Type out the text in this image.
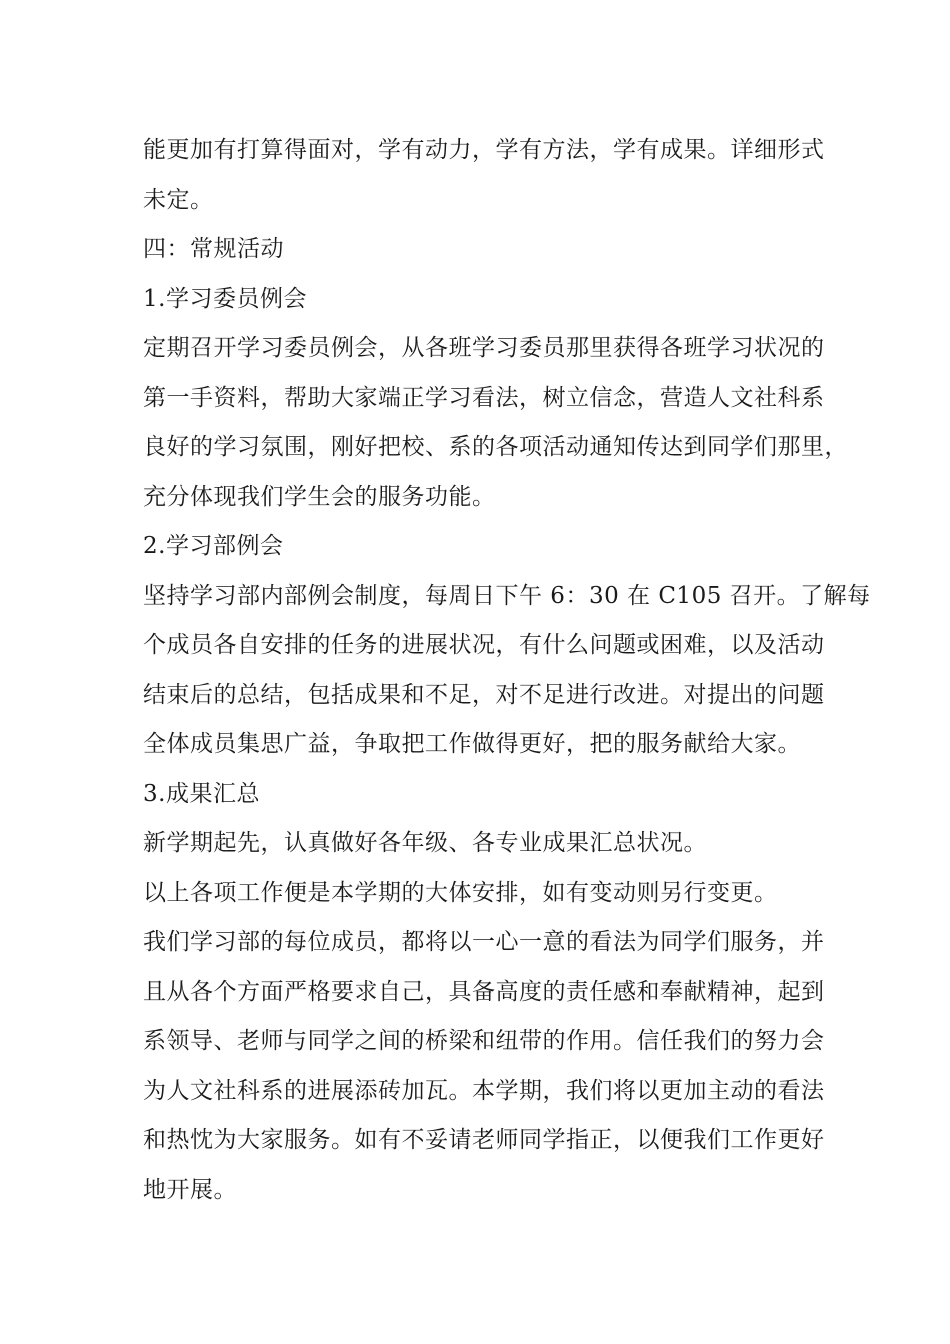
能更加有打算得面对，学有动力，学有方法，学有成果。详细形式
未定。
四：常规活动
1.学习委员例会
定期召开学习委员例会，从各班学习委员那里获得各班学习状况的
第一手资料，帮助大家端正学习看法，树立信念，营造人文社科系
良好的学习氛围，刚好把校、系的各项活动通知传达到同学们那里，
充分体现我们学生会的服务功能。
2.学习部例会
坚持学习部内部例会制度，每周日下午 6：30 在 C105 召开。了解每
个成员各自安排的任务的进展状况，有什么问题或困难，以及活动
结束后的总结，包括成果和不足，对不足进行改进。对提出的问题
全体成员集思广益，争取把工作做得更好，把的服务献给大家。
3.成果汇总
新学期起先，认真做好各年级、各专业成果汇总状况。
以上各项工作便是本学期的大体安排，如有变动则另行变更。
我们学习部的每位成员，都将以一心一意的看法为同学们服务，并
且从各个方面严格要求自己，具备高度的责任感和奉献精神，起到
系领导、老师与同学之间的桥梁和纽带的作用。信任我们的努力会
为人文社科系的进展添砖加瓦。本学期，我们将以更加主动的看法
和热忱为大家服务。如有不妥请老师同学指正，以便我们工作更好
地开展。
